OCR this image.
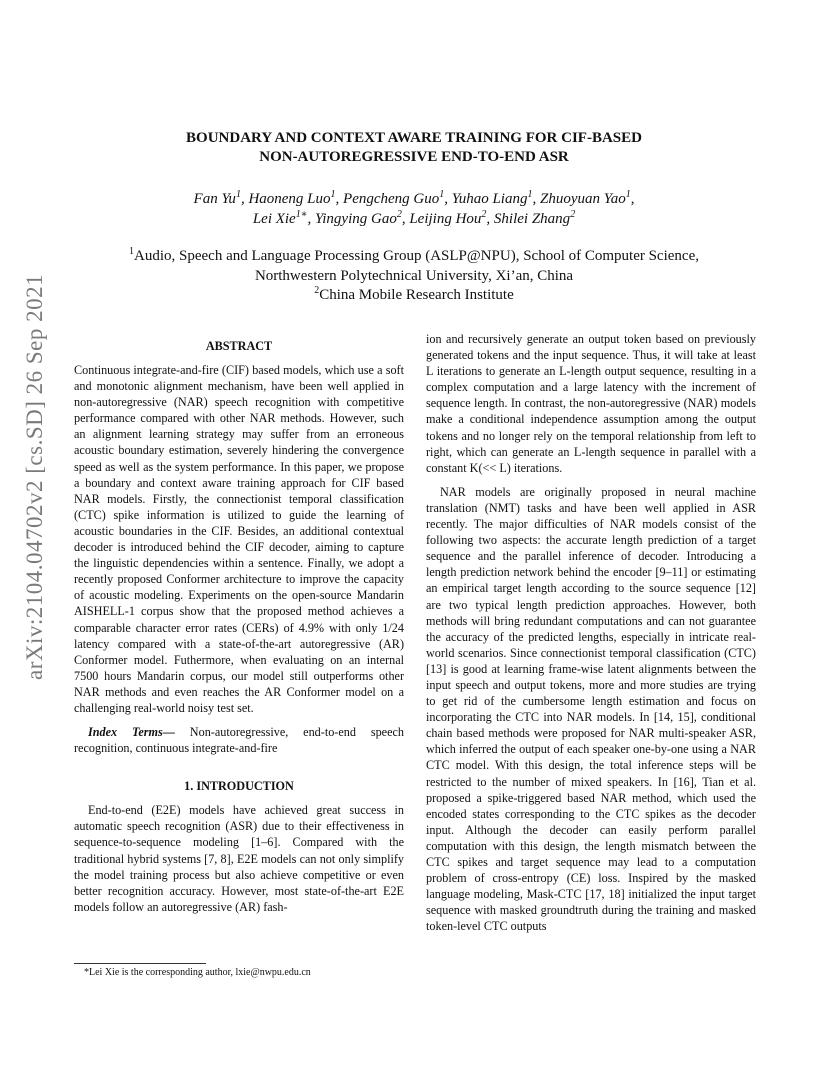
arXiv:2104.04702v2 [cs.SD] 26 Sep 2021
BOUNDARY AND CONTEXT AWARE TRAINING FOR CIF-BASED
NON-AUTOREGRESSIVE END-TO-END ASR
Fan Yu$^1$, Haoneng Luo$^1$, Pengcheng Guo$^1$, Yuhao Liang$^1$, Zhuoyuan Yao$^1$,
Lei Xie$^{1∗}$, Yingying Gao$^2$, Leijing Hou$^2$, Shilei Zhang$^2$
$^1$Audio, Speech and Language Processing Group (ASLP@NPU), School of Computer Science,
Northwestern Polytechnical University, Xi’an, China
$^2$China Mobile Research Institute
ABSTRACT

Continuous integrate-and-fire (CIF) based models, which use a soft and monotonic alignment mechanism, have been well applied in non-autoregressive (NAR) speech recognition with competitive performance compared with other NAR methods. However, such an alignment learning strategy may suffer from an erroneous acoustic boundary estimation, severely hindering the convergence speed as well as the system performance. In this paper, we propose a boundary and context aware training approach for CIF based NAR models. Firstly, the connectionist temporal classification (CTC) spike information is utilized to guide the learning of acoustic boundaries in the CIF. Besides, an additional contextual decoder is introduced behind the CIF decoder, aiming to capture the linguistic dependencies within a sentence. Finally, we adopt a recently proposed Conformer architecture to improve the capacity of acoustic modeling. Experiments on the open-source Mandarin AISHELL-1 corpus show that the proposed method achieves a comparable character error rates (CERs) of 4.9% with only 1/24 latency compared with a state-of-the-art autoregressive (AR) Conformer model. Futhermore, when evaluating on an internal 7500 hours Mandarin corpus, our model still outperforms other NAR methods and even reaches the AR Conformer model on a challenging real-world noisy test set.

Index Terms— Non-autoregressive, end-to-end speech recognition, continuous integrate-and-fire

1. INTRODUCTION

End-to-end (E2E) models have achieved great success in automatic speech recognition (ASR) due to their effectiveness in sequence-to-sequence modeling [1–6]. Compared with the traditional hybrid systems [7, 8], E2E models can not only simplify the model training process but also achieve competitive or even better recognition accuracy. However, most state-of-the-art E2E models follow an autoregressive (AR) fash-

*Lei Xie is the corresponding author, lxie@nwpu.edu.cn

ion and recursively generate an output token based on previously generated tokens and the input sequence. Thus, it will take at least L iterations to generate an L-length output sequence, resulting in a complex computation and a large latency with the increment of sequence length. In contrast, the non-autoregressive (NAR) models make a conditional independence assumption among the output tokens and no longer rely on the temporal relationship from left to right, which can generate an L-length sequence in parallel with a constant K(<< L) iterations.

NAR models are originally proposed in neural machine translation (NMT) tasks and have been well applied in ASR recently. The major difficulties of NAR models consist of the following two aspects: the accurate length prediction of a target sequence and the parallel inference of decoder. Introducing a length prediction network behind the encoder [9–11] or estimating an empirical target length according to the source sequence [12] are two typical length prediction approaches. However, both methods will bring redundant computations and can not guarantee the accuracy of the predicted lengths, especially in intricate real-world scenarios. Since connectionist temporal classification (CTC) [13] is good at learning frame-wise latent alignments between the input speech and output tokens, more and more studies are trying to get rid of the cumbersome length estimation and focus on incorporating the CTC into NAR models. In [14, 15], conditional chain based methods were proposed for NAR multi-speaker ASR, which inferred the output of each speaker one-by-one using a NAR CTC model. With this design, the total inference steps will be restricted to the number of mixed speakers. In [16], Tian et al. proposed a spike-triggered based NAR method, which used the encoded states corresponding to the CTC spikes as the decoder input. Although the decoder can easily perform parallel computation with this design, the length mismatch between the CTC spikes and target sequence may lead to a computation problem of cross-entropy (CE) loss. Inspired by the masked language modeling, Mask-CTC [17, 18] initialized the input target sequence with masked groundtruth during the training and masked token-level CTC outputs
